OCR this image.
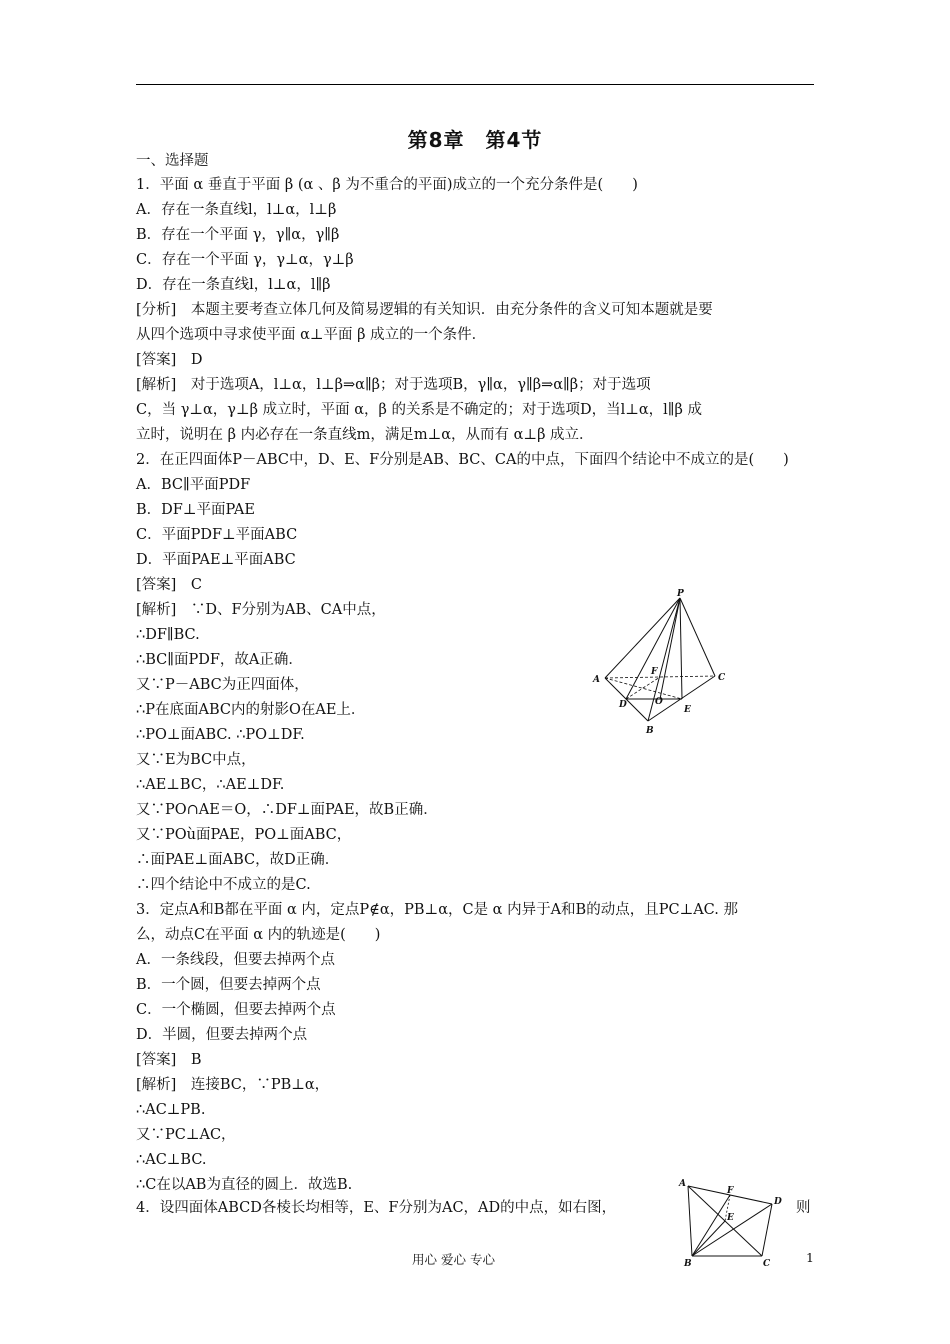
第8章　第4节
一、选择题
1．平面 α 垂直于平面 β (α 、β 为不重合的平面)成立的一个充分条件是(　　)
A．存在一条直线l，l⊥α，l⊥β
B．存在一个平面 γ，γ∥α，γ∥β
C．存在一个平面 γ，γ⊥α，γ⊥β
D．存在一条直线l，l⊥α，l∥β
[分析]　本题主要考查立体几何及简易逻辑的有关知识．由充分条件的含义可知本题就是要
从四个选项中寻求使平面 α⊥平面 β 成立的一个条件．
[答案]　D
[解析]　对于选项A，l⊥α，l⊥β⇒α∥β；对于选项B，γ∥α，γ∥β⇒α∥β；对于选项
C，当 γ⊥α，γ⊥β 成立时，平面 α，β 的关系是不确定的；对于选项D，当l⊥α，l∥β 成
立时，说明在 β 内必存在一条直线m，满足m⊥α，从而有 α⊥β 成立．
2．在正四面体P－ABC中，D、E、F分别是AB、BC、CA的中点，下面四个结论中不成立的是(　　)
A．BC∥平面PDF
B．DF⊥平面PAE
C．平面PDF⊥平面ABC
D．平面PAE⊥平面ABC
[答案]　C
[解析]　∵D、F分别为AB、CA中点，
∴DF∥BC.
∴BC∥面PDF，故A正确．
又∵P－ABC为正四面体，
∴P在底面ABC内的射影O在AE上．
∴PO⊥面ABC. ∴PO⊥DF.
又∵E为BC中点，
∴AE⊥BC，∴AE⊥DF.
又∵PO∩AE＝O，∴DF⊥面PAE，故B正确．
又∵POù面PAE，PO⊥面ABC，
∴面PAE⊥面ABC，故D正确．
∴四个结论中不成立的是C.
3．定点A和B都在平面 α 内，定点P∉α，PB⊥α，C是 α 内异于A和B的动点，且PC⊥AC. 那
么，动点C在平面 α 内的轨迹是(　　)
A．一条线段，但要去掉两个点
B．一个圆，但要去掉两个点
C．一个椭圆，但要去掉两个点
D．半圆，但要去掉两个点
[答案]　B
[解析]　连接BC，∵PB⊥α，
∴AC⊥PB.
又∵PC⊥AC，
∴AC⊥BC.
∴C在以AB为直径的圆上．故选B.
4．设四面体ABCD各棱长均相等，E、F分别为AC，AD的中点，如右图，	则
P
A
B
C
D	E
F
O
A
B	C
D
E
F
用心 爱心 专心	1
